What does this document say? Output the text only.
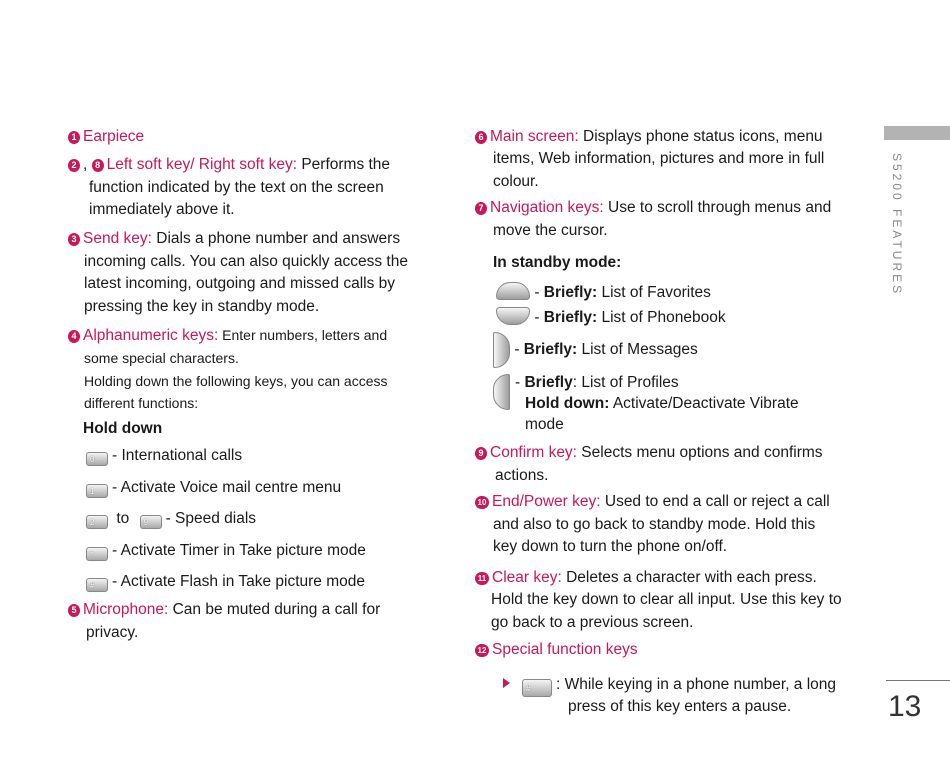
S5200 FEATURES
13
1 Earpiece
2 , 8 Left soft key/ Right soft key: Performs the
function indicated by the text on the screen
immediately above it.
3 Send key: Dials a phone number and answers
incoming calls. You can also quickly access the
latest incoming, outgoing and missed calls by
pressing the key in standby mode.
4 Alphanumeric keys: Enter numbers, letters and
some special characters.
Holding down the following keys, you can access
different functions:
Hold down
0 - International calls
1 - Activate Voice mail centre menu
2 to 9 - Speed dials
* - Activate Timer in Take picture mode
# - Activate Flash in Take picture mode
5 Microphone: Can be muted during a call for
privacy.
6 Main screen: Displays phone status icons, menu
items, Web information, pictures and more in full
colour.
7 Navigation keys: Use to scroll through menus and
move the cursor.
In standby mode:
- Briefly: List of Favorites
- Briefly: List of Phonebook
- Briefly: List of Messages
- Briefly: List of Profiles
Hold down: Activate/Deactivate Vibrate
mode
9 Confirm key: Selects menu options and confirms
actions.
10 End/Power key: Used to end a call or reject a call
and also to go back to standby mode. Hold this
key down to turn the phone on/off.
11 Clear key: Deletes a character with each press.
Hold the key down to clear all input. Use this key to
go back to a previous screen.
12 Special function keys
# : While keying in a phone number, a long
press of this key enters a pause.
